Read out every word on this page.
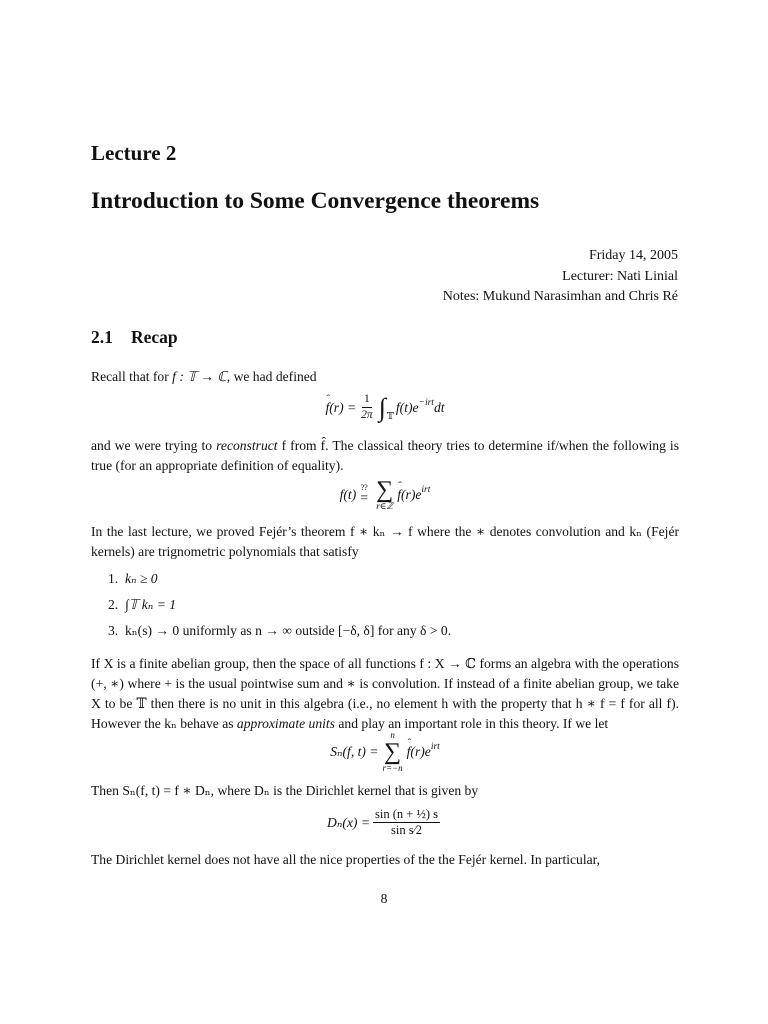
Lecture 2
Introduction to Some Convergence theorems
Friday 14, 2005
Lecturer: Nati Linial
Notes: Mukund Narasimhan and Chris Ré
2.1 Recap
Recall that for f : 𝕋 → ℂ, we had defined
ˆ $f(r) = \frac{1}{2\pi} \int_𝕋$
$f(t)e^{-irt}$ dt
and we were trying to reconstruct f from f̂. The classical theory tries to determine if/when the following is true (for an appropriate definition of equality).
f(t) ??
= ∑
r∈ℤ
ˆ $f(r)e^{irt}$
In the last lecture, we proved Fejér’s theorem f ∗ kₙ → f where the ∗ denotes convolution and kₙ (Fejér kernels) are trignometric polynomials that satisfy
1. kₙ ≥ 0
2. ∫𝕋 kₙ = 1
3. kₙ(s) → 0 uniformly as n → ∞ outside [−δ, δ] for any δ > 0.
If X is a finite abelian group, then the space of all functions f : X → ℂ forms an algebra with the operations (+, ∗) where + is the usual pointwise sum and ∗ is convolution. If instead of a finite abelian group, we take X to be 𝕋 then there is no unit in this algebra (i.e., no element h with the property that h ∗ f = f for all f). However the kₙ behave as approximate units and play an important role in this theory. If we let
Sₙ(f, t) =
n
∑
r=−n
ˆ $f(r)e^{irt}$
Then Sₙ(f, t) = f ∗ Dₙ, where Dₙ is the Dirichlet kernel that is given by
$D_n(x) = \frac{\text{sin (n + ½) s}}{\text{sin s⁄2}}$
The Dirichlet kernel does not have all the nice properties of the the Fejér kernel. In particular,
8
